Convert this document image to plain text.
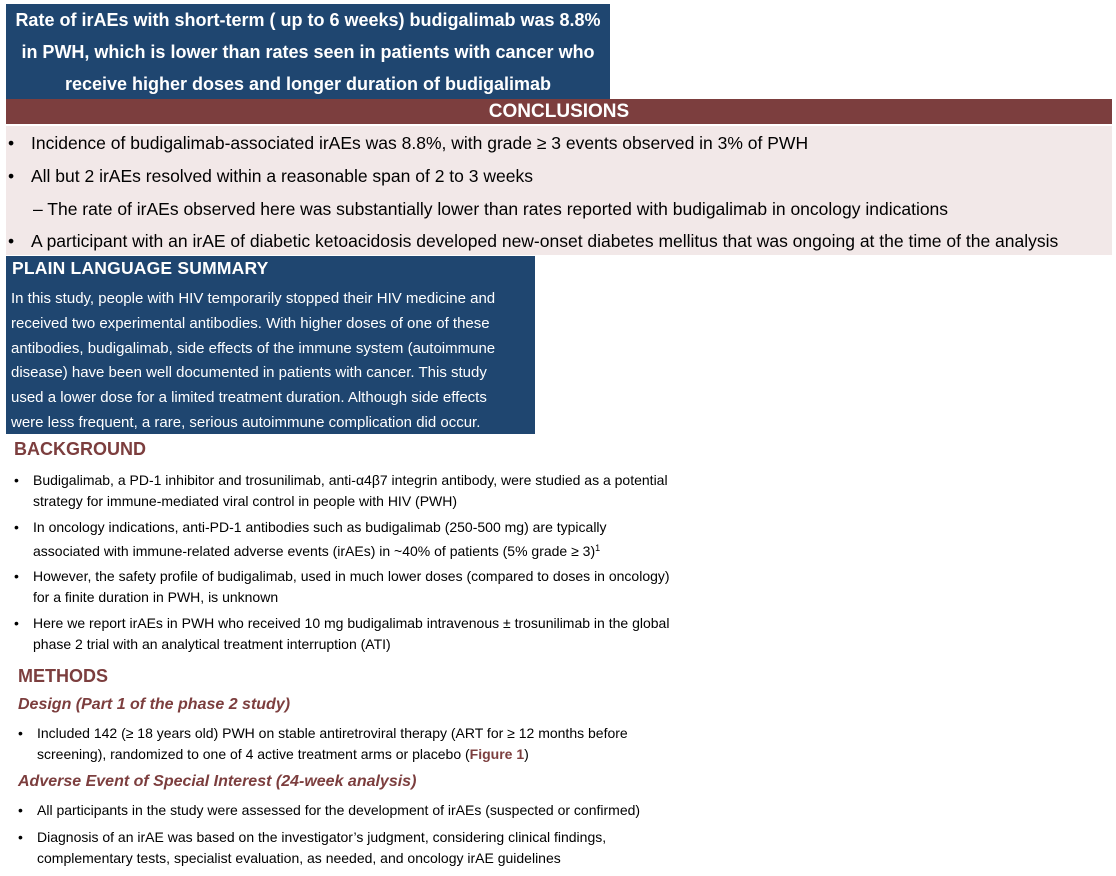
Rate of irAEs with short-term ( up to 6 weeks) budigalimab was 8.8%
in PWH, which is lower than rates seen in patients with cancer who
receive higher doses and longer duration of budigalimab
CONCLUSIONS
• Incidence of budigalimab-associated irAEs was 8.8%, with grade ≥ 3 events observed in 3% of PWH
• All but 2 irAEs resolved within a reasonable span of 2 to 3 weeks
– The rate of irAEs observed here was substantially lower than rates reported with budigalimab in oncology indications
• A participant with an irAE of diabetic ketoacidosis developed new-onset diabetes mellitus that was ongoing at the time of the analysis
PLAIN LANGUAGE SUMMARY
In this study, people with HIV temporarily stopped their HIV medicine and
received two experimental antibodies. With higher doses of one of these
antibodies, budigalimab, side effects of the immune system (autoimmune
disease) have been well documented in patients with cancer. This study
used a lower dose for a limited treatment duration. Although side effects
were less frequent, a rare, serious autoimmune complication did occur.
BACKGROUND
• Budigalimab, a PD-1 inhibitor and trosunilimab, anti-α4β7 integrin antibody, were studied as a potential
strategy for immune-mediated viral control in people with HIV (PWH)
• In oncology indications, anti-PD-1 antibodies such as budigalimab (250-500 mg) are typically
associated with immune-related adverse events (irAEs) in ~40% of patients (5% grade ≥ 3)$^1$
• However, the safety profile of budigalimab, used in much lower doses (compared to doses in oncology)
for a finite duration in PWH, is unknown
• Here we report irAEs in PWH who received 10 mg budigalimab intravenous ± trosunilimab in the global
phase 2 trial with an analytical treatment interruption (ATI)
METHODS
Design (Part 1 of the phase 2 study)
• Included 142 (≥ 18 years old) PWH on stable antiretroviral therapy (ART for ≥ 12 months before
screening), randomized to one of 4 active treatment arms or placebo (Figure 1)
Adverse Event of Special Interest (24-week analysis)
• All participants in the study were assessed for the development of irAEs (suspected or confirmed)
• Diagnosis of an irAE was based on the investigator’s judgment, considering clinical findings,
complementary tests, specialist evaluation, as needed, and oncology irAE guidelines
